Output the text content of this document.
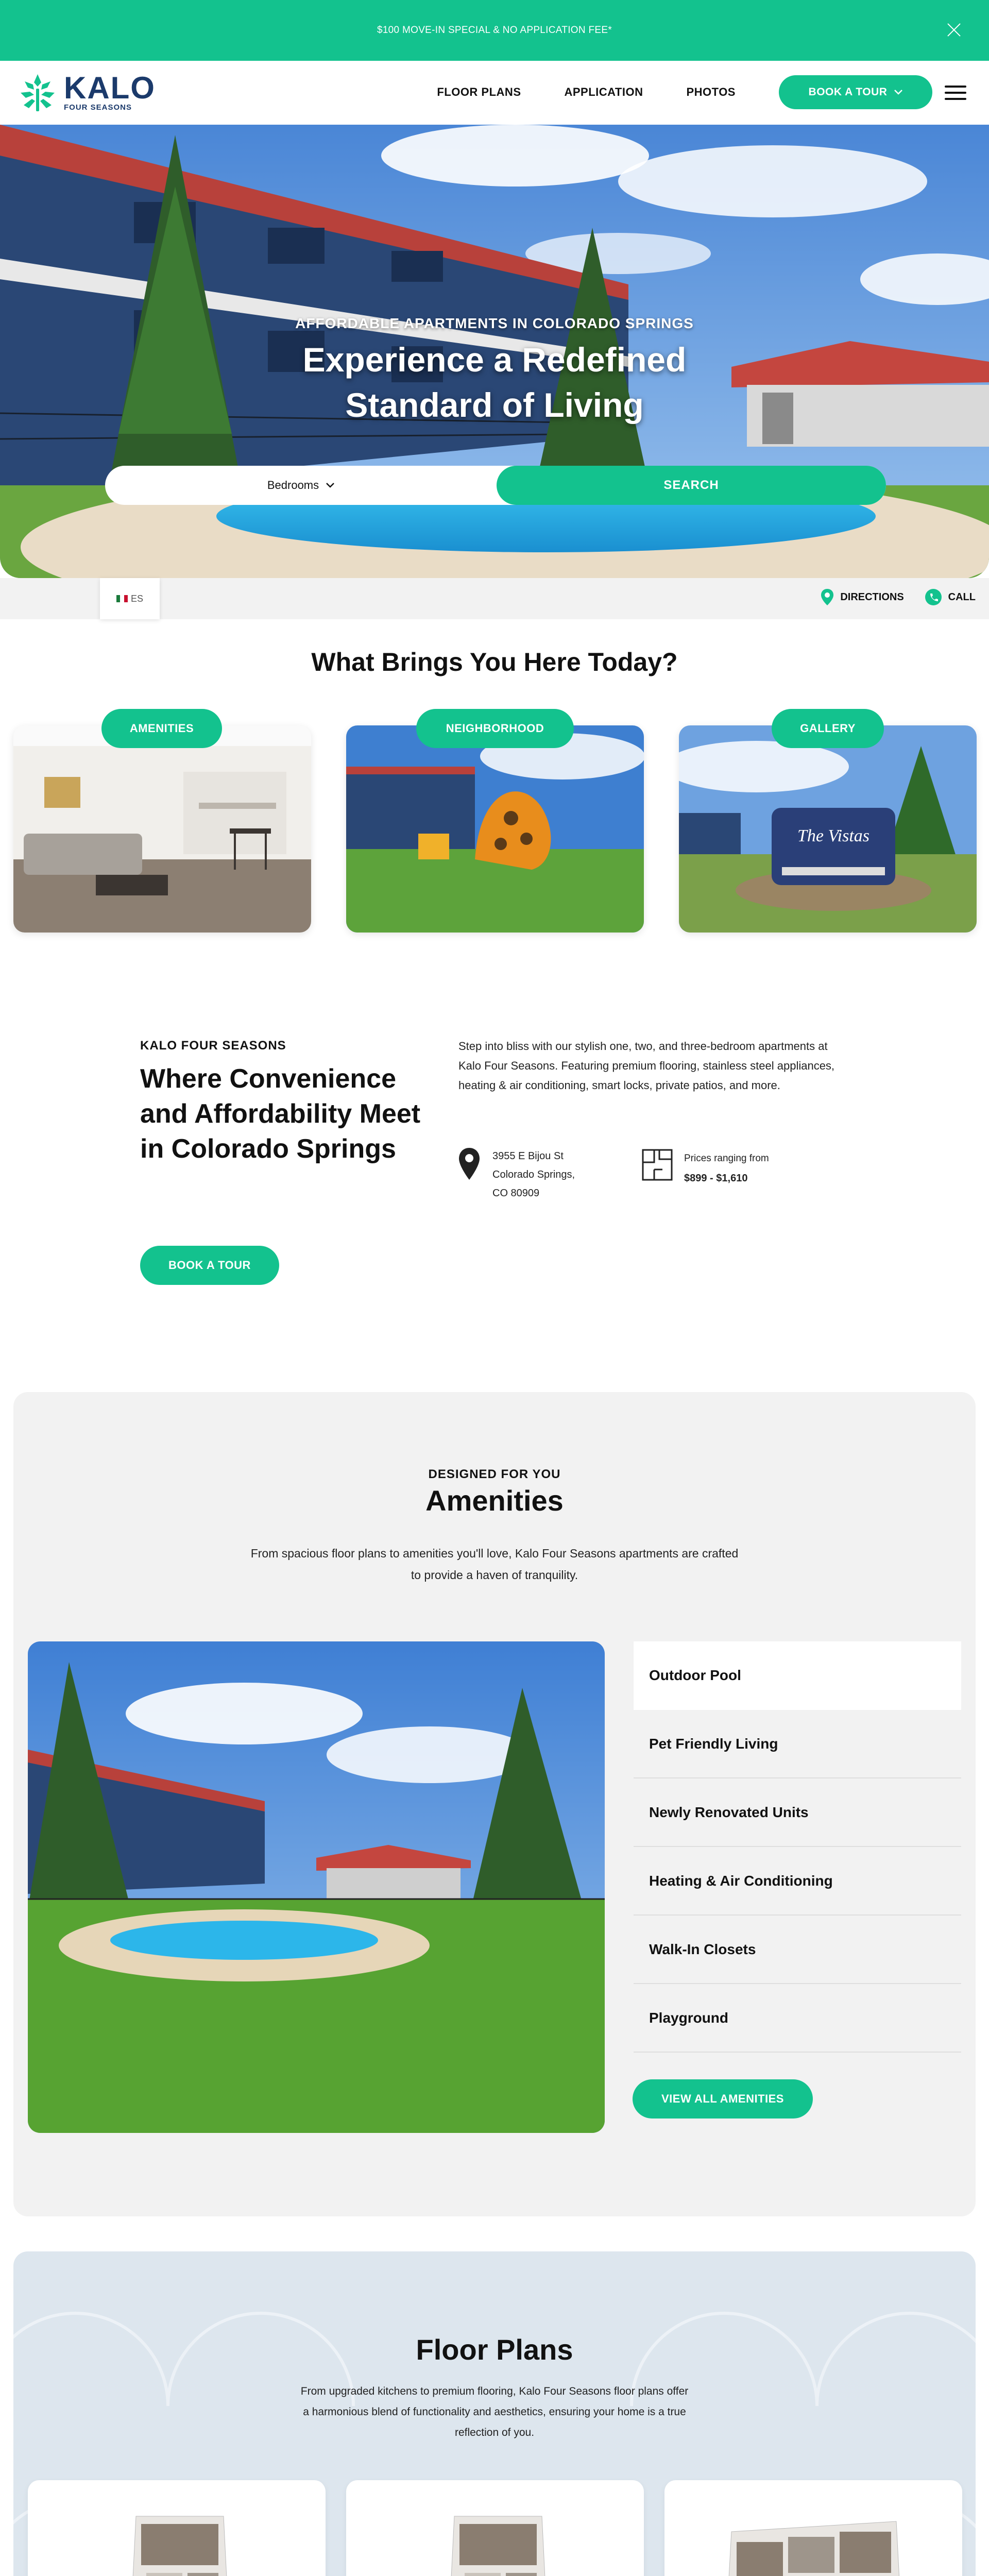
$100 MOVE-IN SPECIAL & NO APPLICATION FEE*
KALO
FOUR SEASONS
FLOOR PLANS	APPLICATION	PHOTOS	BOOK A TOUR
AFFORDABLE APARTMENTS IN COLORADO SPRINGS
Experience a Redefined
Standard of Living
Bedrooms	SEARCH
ES	DIRECTIONS	CALL
What Brings You Here Today?
The Vistas
AMENITIES	NEIGHBORHOOD	GALLERY
KALO FOUR SEASONS
Where Convenience and Affordability Meet in Colorado Springs
Step into bliss with our stylish one, two, and three-bedroom apartments at Kalo Four Seasons. Featuring premium flooring, stainless steel appliances, heating & air conditioning, smart locks, private patios, and more.
3955 E Bijou St
Colorado Springs,
CO 80909
Prices ranging from
$899 - $1,610
BOOK A TOUR
DESIGNED FOR YOU
Amenities
From spacious floor plans to amenities you'll love, Kalo Four Seasons apartments are crafted to provide a haven of tranquility.
Outdoor Pool
Pet Friendly Living
Newly Renovated Units
Heating & Air Conditioning
Walk-In Closets
Playground
VIEW ALL AMENITIES
Floor Plans
From upgraded kitchens to premium flooring, Kalo Four Seasons floor plans offer a harmonious blend of functionality and aesthetics, ensuring your home is a true reflection of you.
